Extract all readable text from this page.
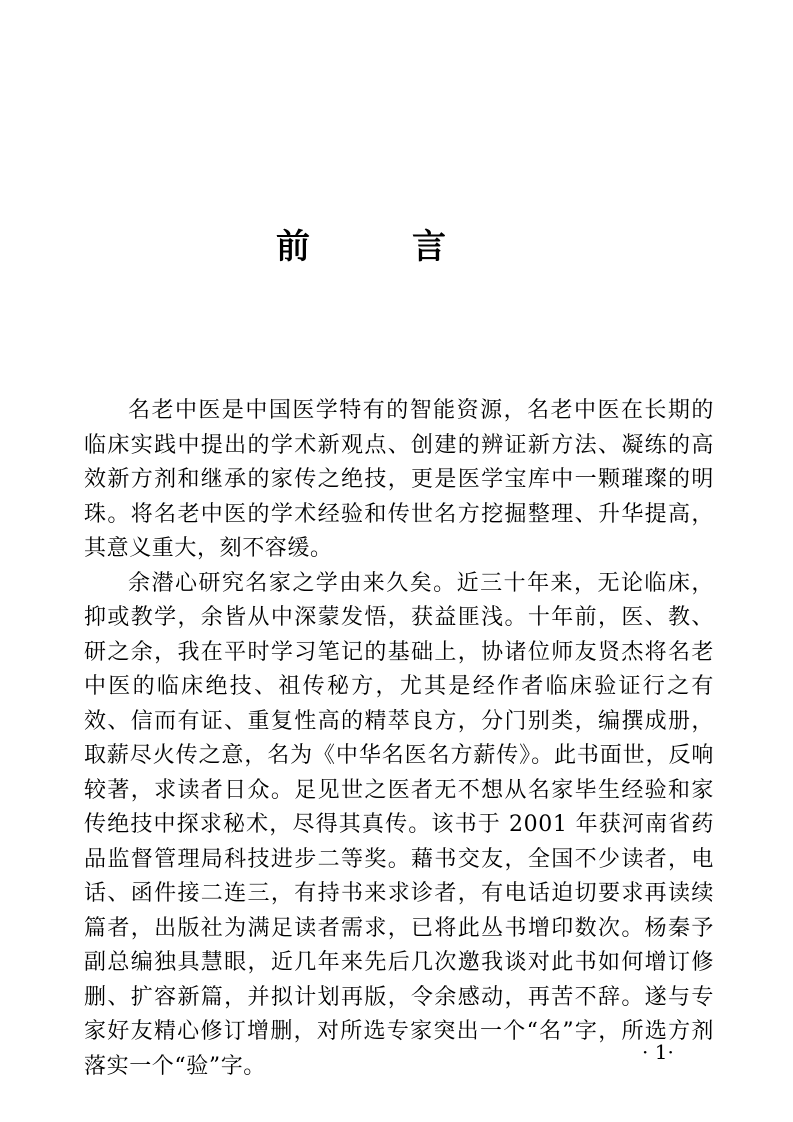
前	言

名老中医是中国医学特有的智能资源，名老中医在长期的临床实践中提出的学术新观点、创建的辨证新方法、凝练的高效新方剂和继承的家传之绝技，更是医学宝库中一颗璀璨的明珠。将名老中医的学术经验和传世名方挖掘整理、升华提高，其意义重大，刻不容缓。

余潜心研究名家之学由来久矣。近三十年来，无论临床，抑或教学，余皆从中深蒙发悟，获益匪浅。十年前，医、教、研之余，我在平时学习笔记的基础上，协诸位师友贤杰将名老中医的临床绝技、祖传秘方，尤其是经作者临床验证行之有效、信而有证、重复性高的精萃良方，分门别类，编撰成册，取薪尽火传之意，名为《中华名医名方薪传》。此书面世，反响较著，求读者日众。足见世之医者无不想从名家毕生经验和家传绝技中探求秘术，尽得其真传。该书于 2001 年获河南省药品监督管理局科技进步二等奖。藉书交友，全国不少读者，电话、函件接二连三，有持书来求诊者，有电话迫切要求再读续篇者，出版社为满足读者需求，已将此丛书增印数次。杨秦予副总编独具慧眼，近几年来先后几次邀我谈对此书如何增订修删、扩容新篇，并拟计划再版，令余感动，再苦不辞。遂与专家好友精心修订增删，对所选专家突出一个“名”字，所选方剂落实一个“验”字。

· 1·
